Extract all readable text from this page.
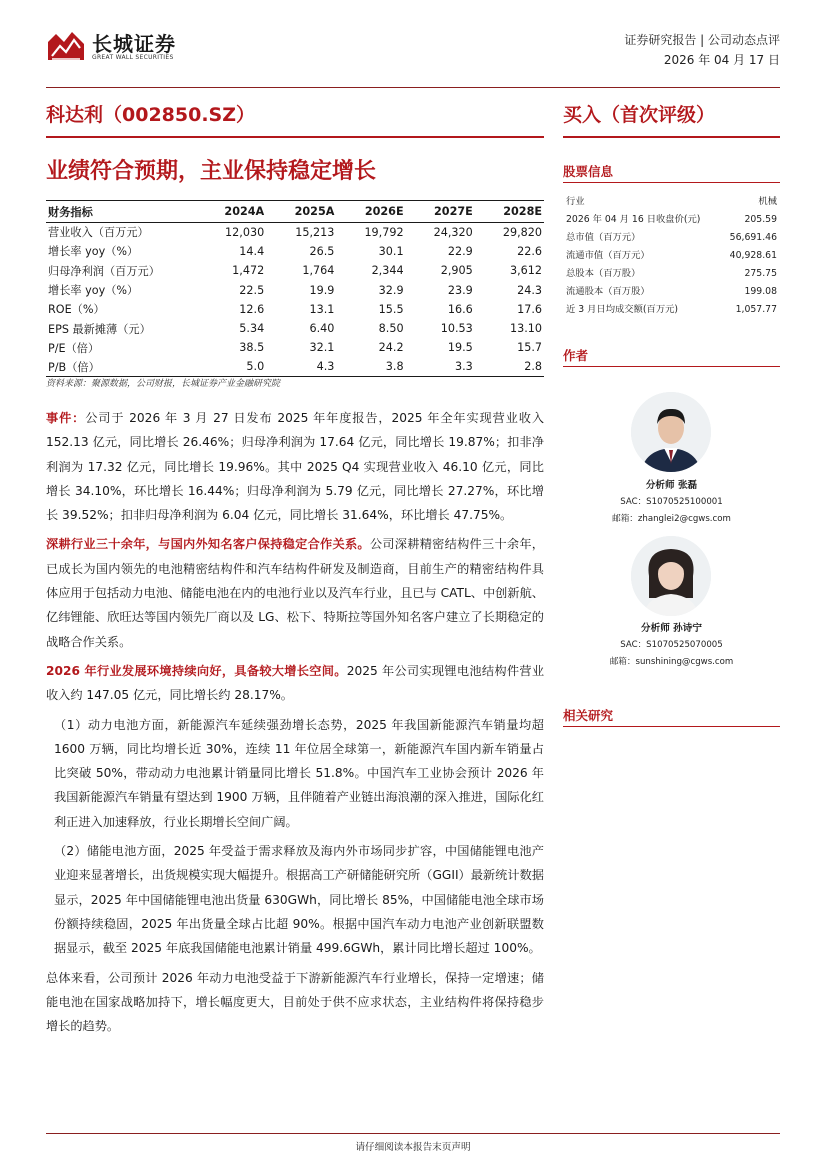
长城证券
GREAT WALL SECURITIES
证券研究报告 | 公司动态点评
2026 年 04 月 17 日
科达利（002850.SZ）	买入（首次评级）
业绩符合预期，主业保持稳定增长
财务指标	2024A	2025A	2026E	2027E	2028E
营业收入（百万元）	12,030	15,213	19,792	24,320	29,820
增长率 yoy（%）	14.4	26.5	30.1	22.9	22.6
归母净利润（百万元）	1,472	1,764	2,344	2,905	3,612
增长率 yoy（%）	22.5	19.9	32.9	23.9	24.3
ROE（%）	12.6	13.1	15.5	16.6	17.6
EPS 最新摊薄（元）	5.34	6.40	8.50	10.53	13.10
P/E（倍）	38.5	32.1	24.2	19.5	15.7
P/B（倍）	5.0	4.3	3.8	3.3	2.8
资料来源：聚源数据，公司财报，长城证券产业金融研究院

事件：公司于 2026 年 3 月 27 日发布 2025 年年度报告，2025 年全年实现营业收入 152.13 亿元，同比增长 26.46%；归母净利润为 17.64 亿元，同比增长 19.87%；扣非净利润为 17.32 亿元，同比增长 19.96%。其中 2025 Q4 实现营业收入 46.10 亿元，同比增长 34.10%，环比增长 16.44%；归母净利润为 5.79 亿元，同比增长 27.27%，环比增长 39.52%；扣非归母净利润为 6.04 亿元，同比增长 31.64%，环比增长 47.75%。

深耕行业三十余年，与国内外知名客户保持稳定合作关系。公司深耕精密结构件三十余年，已成长为国内领先的电池精密结构件和汽车结构件研发及制造商，目前生产的精密结构件具体应用于包括动力电池、储能电池在内的电池行业以及汽车行业，且已与 CATL、中创新航、亿纬锂能、欣旺达等国内领先厂商以及 LG、松下、特斯拉等国外知名客户建立了长期稳定的战略合作关系。

2026 年行业发展环境持续向好，具备较大增长空间。2025 年公司实现锂电池结构件营业收入约 147.05 亿元，同比增长约 28.17%。

（1）动力电池方面，新能源汽车延续强劲增长态势，2025 年我国新能源汽车销量均超 1600 万辆，同比均增长近 30%，连续 11 年位居全球第一，新能源汽车国内新车销量占比突破 50%，带动动力电池累计销量同比增长 51.8%。中国汽车工业协会预计 2026 年我国新能源汽车销量有望达到 1900 万辆，且伴随着产业链出海浪潮的深入推进，国际化红利正进入加速释放，行业长期增长空间广阔。

（2）储能电池方面，2025 年受益于需求释放及海内外市场同步扩容，中国储能锂电池产业迎来显著增长，出货规模实现大幅提升。根据高工产研储能研究所（GGII）最新统计数据显示，2025 年中国储能锂电池出货量 630GWh，同比增长 85%，中国储能电池全球市场份额持续稳固，2025 年出货量全球占比超 90%。根据中国汽车动力电池产业创新联盟数据显示，截至 2025 年底我国储能电池累计销量 499.6GWh，累计同比增长超过 100%。

总体来看，公司预计 2026 年动力电池受益于下游新能源汽车行业增长，保持一定增速；储能电池在国家战略加持下，增长幅度更大，目前处于供不应求状态，主业结构件将保持稳步增长的趋势。

股票信息
行业	机械
2026 年 04 月 16 日收盘价(元)	205.59
总市值（百万元）	56,691.46
流通市值（百万元）	40,928.61
总股本（百万股）	275.75
流通股本（百万股）	199.08
近 3 月日均成交额(百万元)	1,057.77
作者
分析师 张磊
SAC：S1070525100001
邮箱：zhanglei2@cgws.com
分析师 孙诗宁
SAC：S1070525070005
邮箱：sunshining@cgws.com
相关研究
请仔细阅读本报告末页声明
